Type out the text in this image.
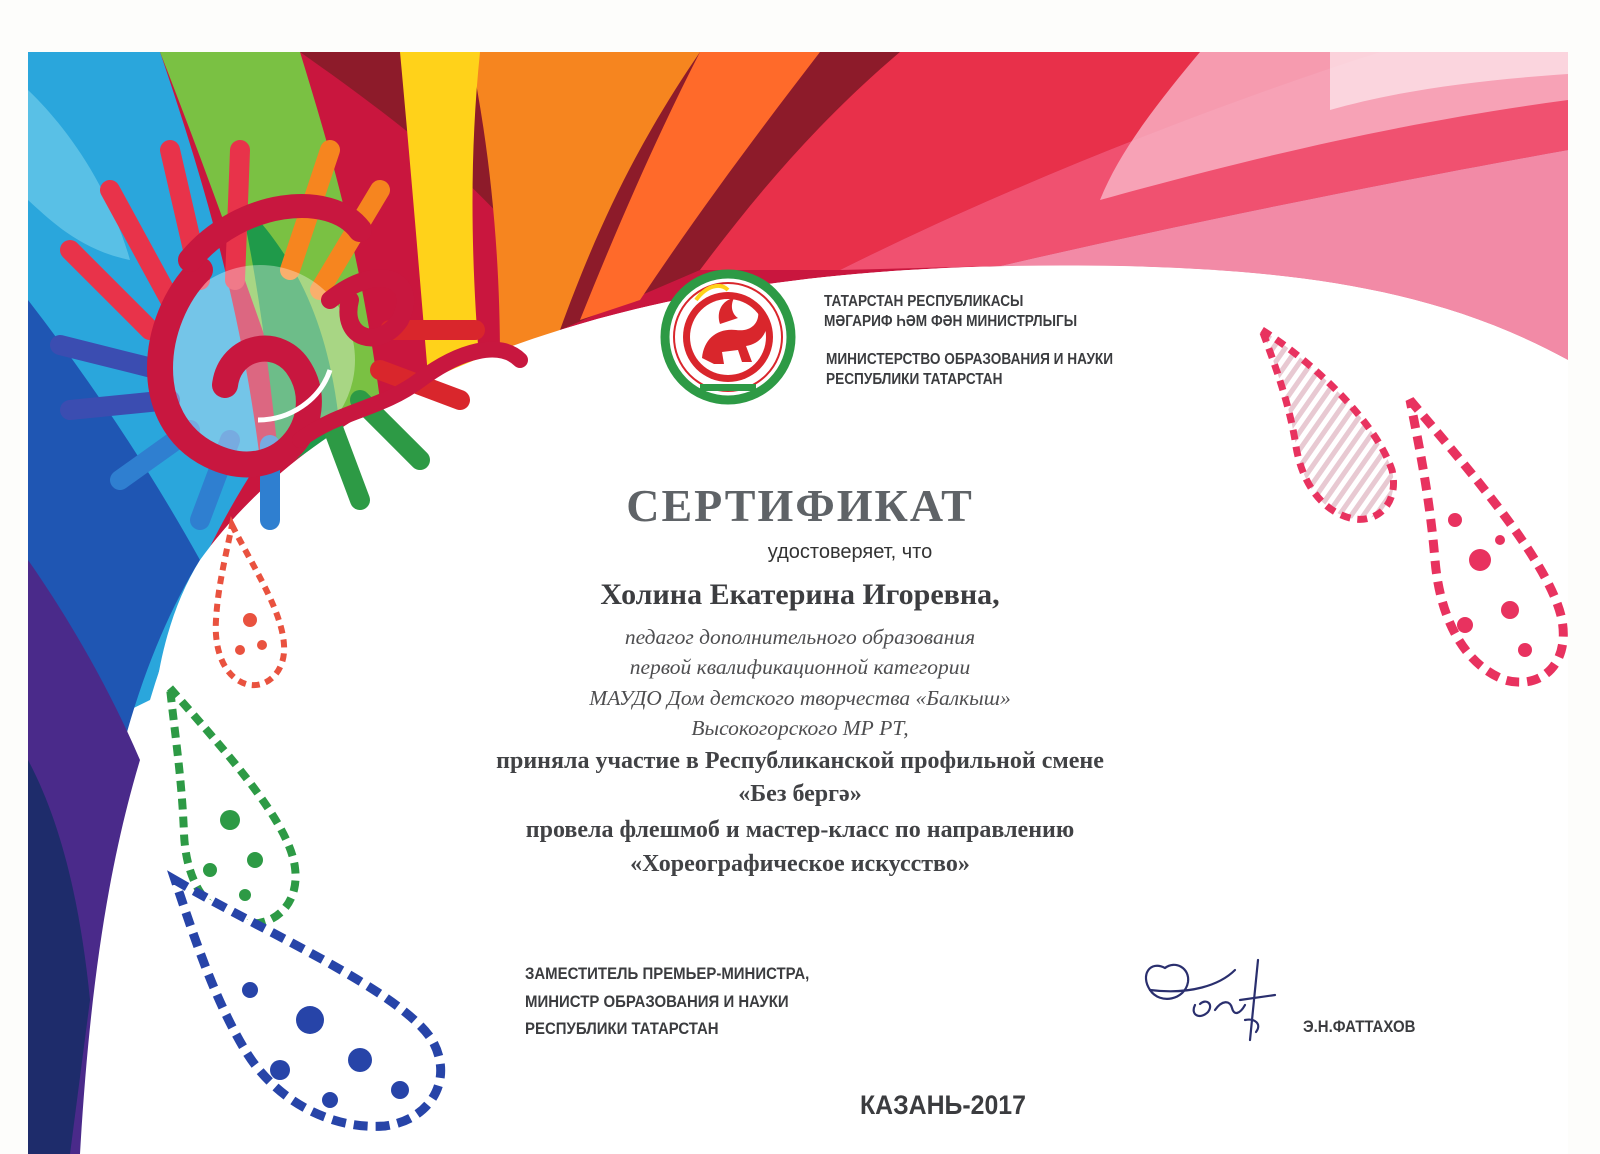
ТАТАРСТАН РЕСПУБЛИКАСЫ
МӘГАРИФ ҺӘМ ФӘН МИНИСТРЛЫГЫ
МИНИСТЕРСТВО ОБРАЗОВАНИЯ И НАУКИ
РЕСПУБЛИКИ ТАТАРСТАН
СЕРТИФИКАТ
удостоверяет, что
Холина Екатерина Игоревна,
педагог дополнительного образования
первой квалификационной категории
МАУДО Дом детского творчества «Балкыш»
Высокогорского МР РТ,
приняла участие в Республиканской профильной смене
«Без бергә»
провела флешмоб и мастер-класс по направлению
«Хореографическое искусство»
ЗАМЕСТИТЕЛЬ ПРЕМЬЕР-МИНИСТРА,
МИНИСТР ОБРАЗОВАНИЯ И НАУКИ
РЕСПУБЛИКИ ТАТАРСТАН	Э.Н.ФАТТАХОВ
КАЗАНЬ-2017
